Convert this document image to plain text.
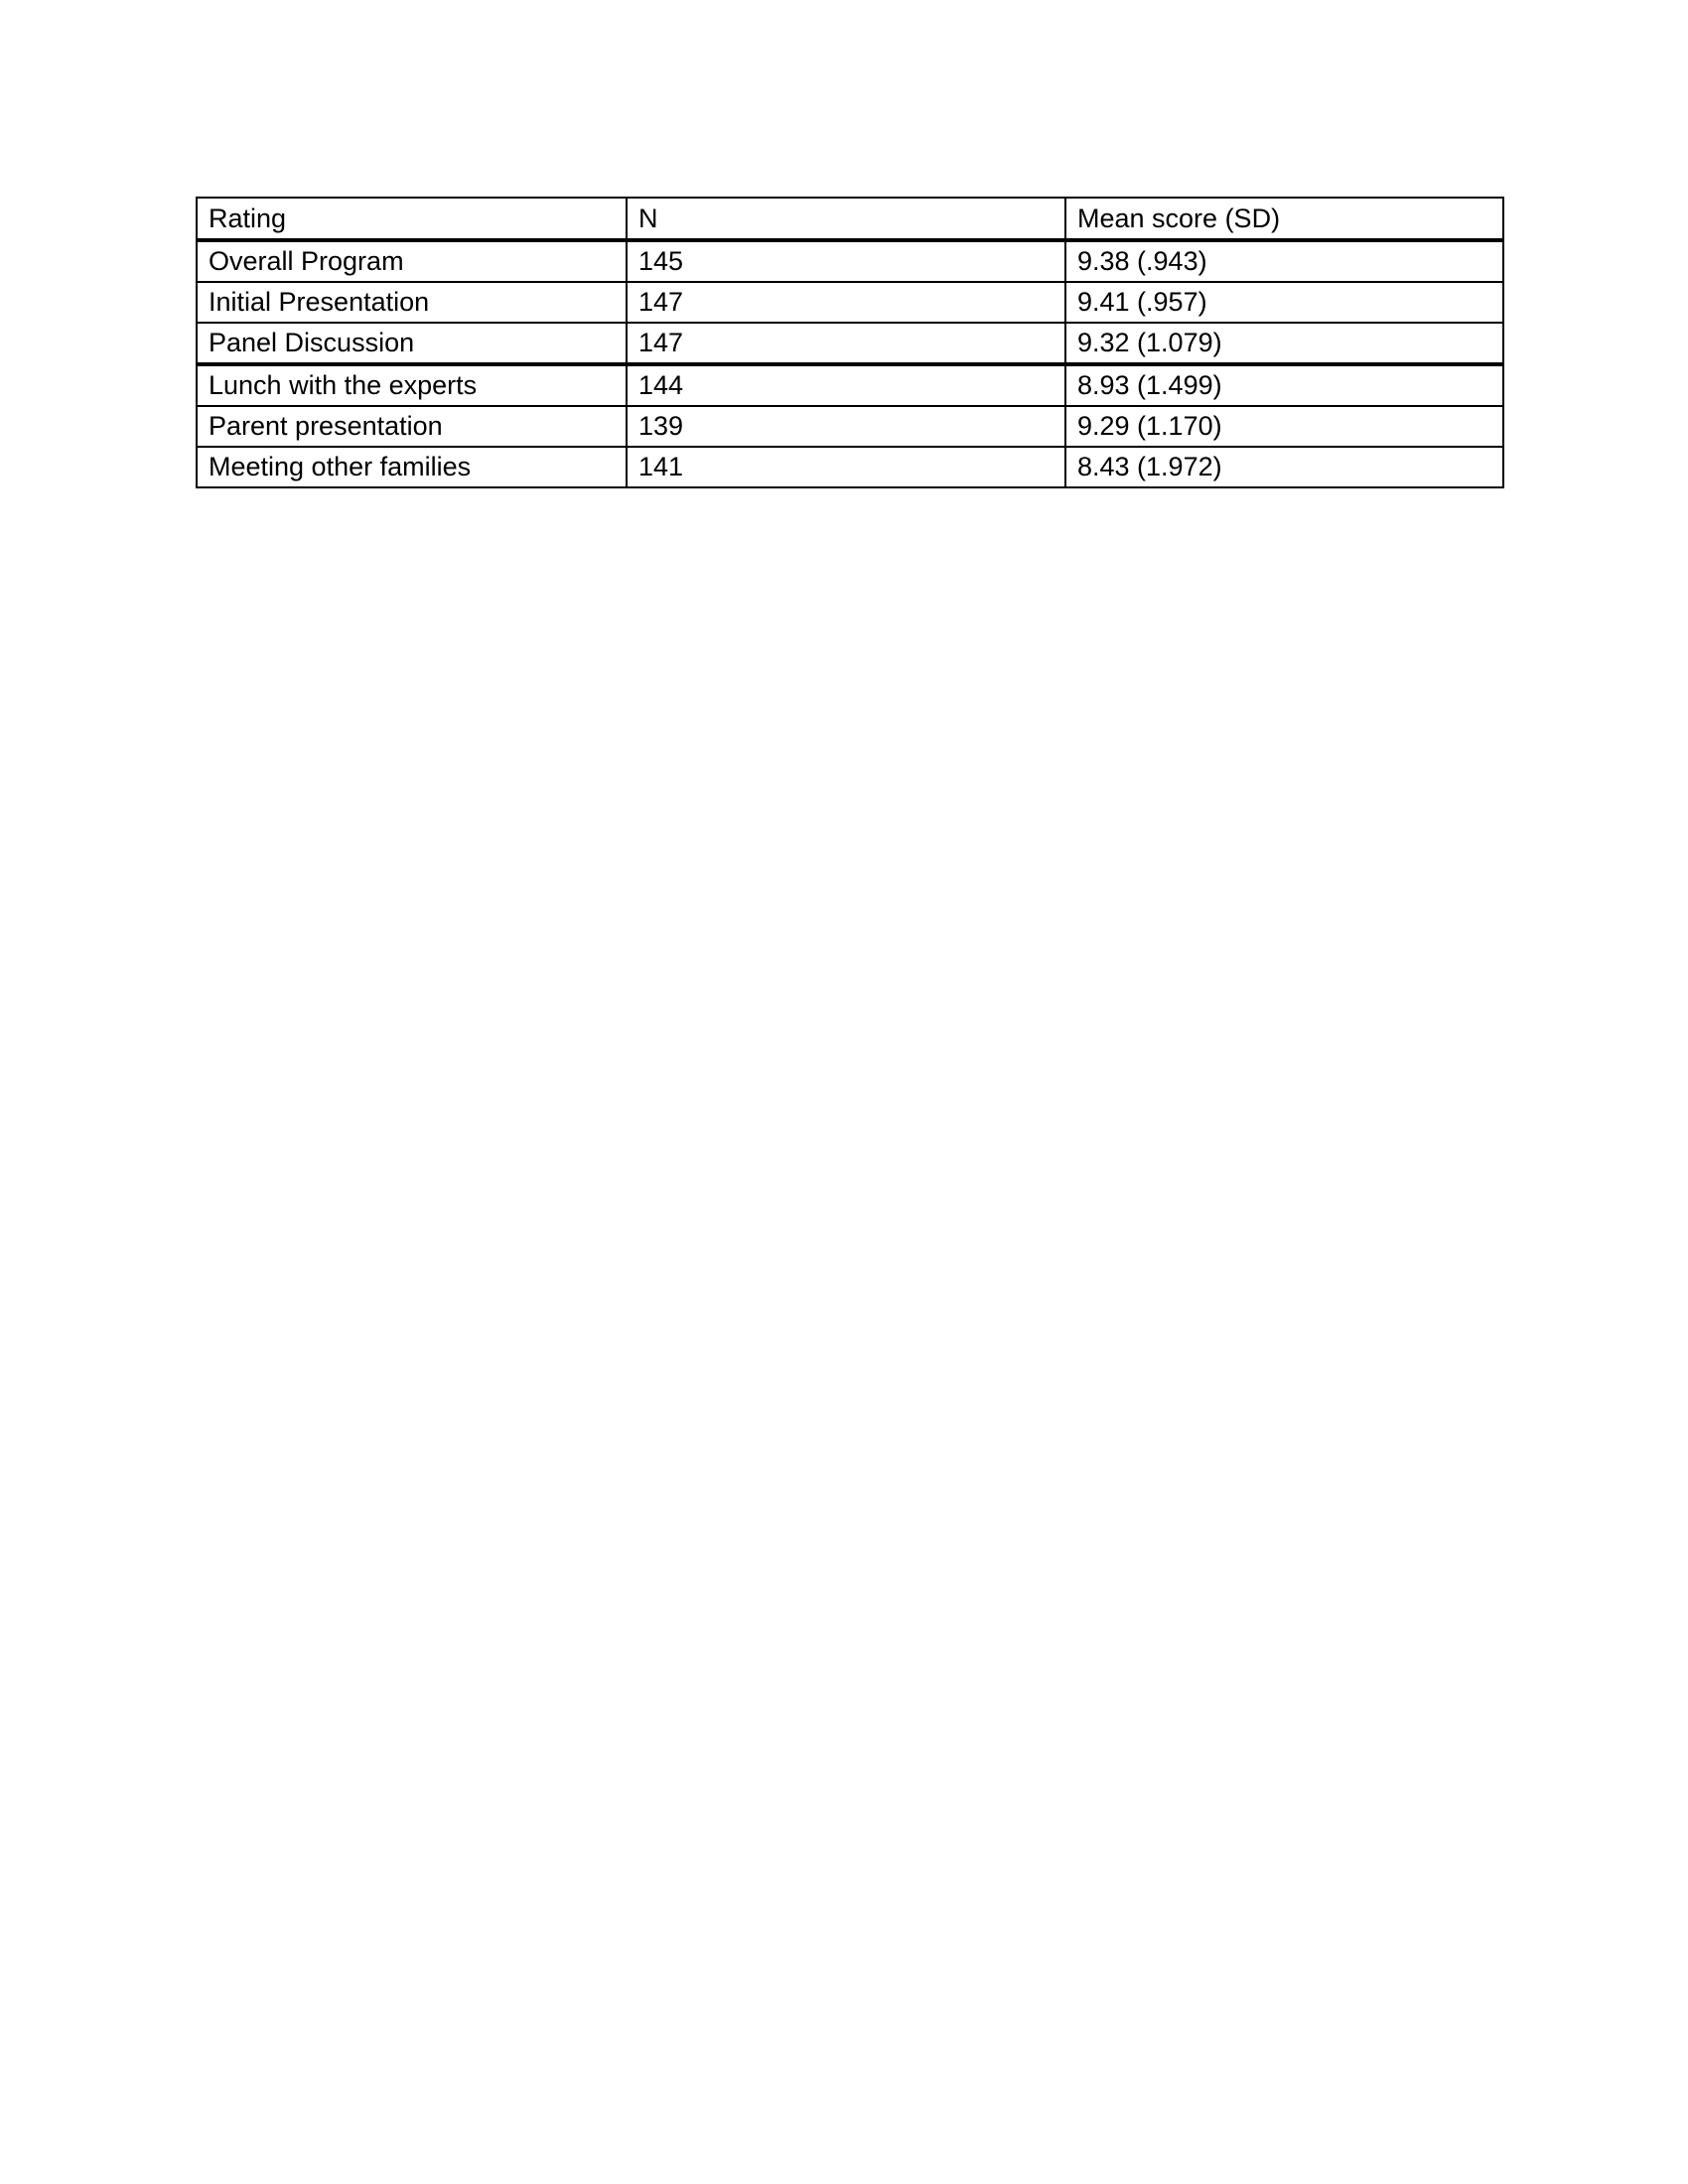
Rating	N	Mean score (SD)
Overall Program	145	9.38 (.943)
Initial Presentation	147	9.41 (.957)
Panel Discussion	147	9.32 (1.079)
Lunch with the experts	144	8.93 (1.499)
Parent presentation	139	9.29 (1.170)
Meeting other families	141	8.43 (1.972)
